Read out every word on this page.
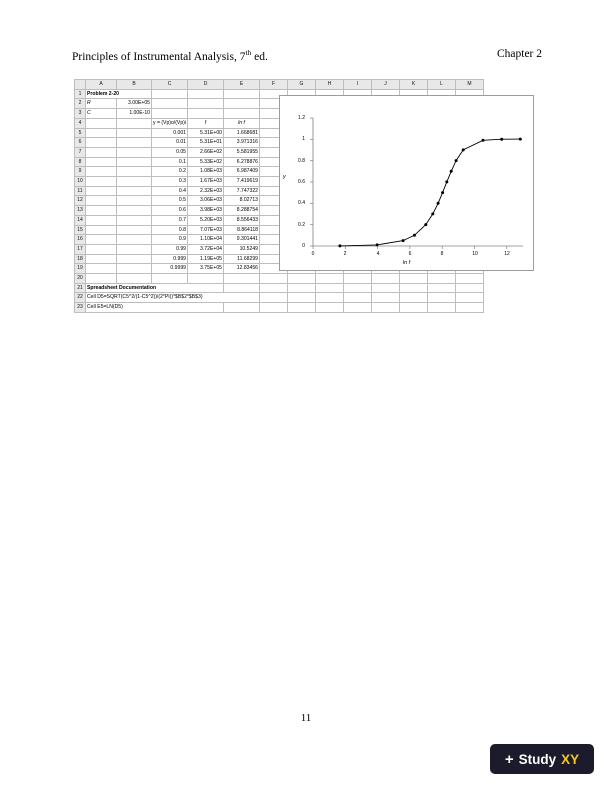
Principles of Instrumental Analysis, 7th ed.	Chapter 2
	A	B	C	D	E	F	G	H	I	J	K	L	M
1	Problem 2-20												
2	R	3.00E+05											
3	C	1.00E-10											
4			y = (Vp)o/(Vp)i	f	ln f								
5			0.001	5.31E+00	1.668681								
6			0.01	5.31E+01	3.971316								
7			0.05	2.66E+02	5.581955								
8			0.1	5.33E+02	6.278876								
9			0.2	1.08E+03	6.987409								
10			0.3	1.67E+03	7.419619								
11			0.4	2.32E+03	7.747322								
12			0.5	3.06E+03	8.02713								
13			0.6	3.98E+03	8.288754								
14			0.7	5.20E+03	8.556433								
15			0.8	7.07E+03	8.864118								
16			0.9	1.10E+04	9.301441								
17			0.99	3.72E+04	10.5249								
18			0.999	1.19E+05	11.68299								
19			0.9999	3.75E+05	12.83456								
20													
21	Spreadsheet Documentation												
22	Cell D5=SQRT(C5^2/(1-C5^2))/(2*PI()*$B$2*$B$3)												
23	Cell E5=LN(D5)												
1.2
1
0.8
0.6
0.4
0.2
0
0	2	4	6	8	10	12
y
ln f
11
+ Study XY
